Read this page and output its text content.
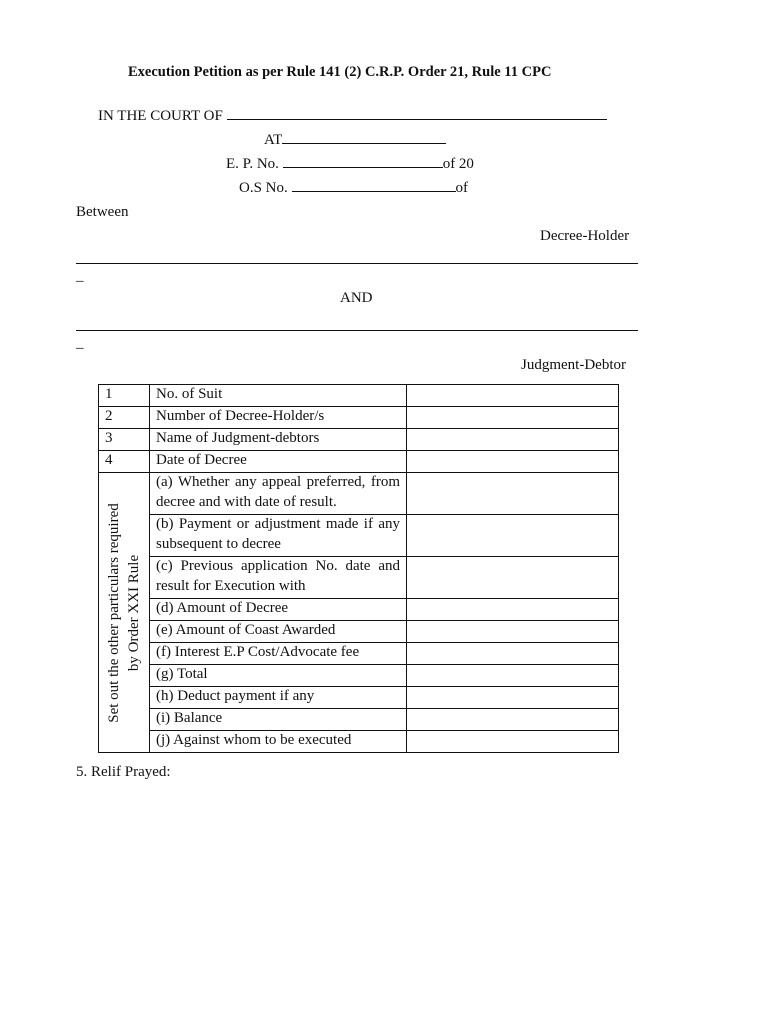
Execution Petition as per Rule 141 (2) C.R.P. Order 21, Rule 11 CPC
IN THE COURT OF
AT
E. P. No.	of 20
O.S No.	of
Between
Decree-Holder
_
AND
_
Judgment-Debtor
1	No. of Suit	
2	Number of Decree-Holder/s	
3	Name of Judgment-debtors	
4	Date of Decree	

Set out the other particulars required by Order XXI Rule	(a) Whether any appeal preferred, from decree and with date of result.	
	(b) Payment or adjustment made if any subsequent to decree	
	(c) Previous application No. date and result for Execution with	
	(d) Amount of Decree	
	(e) Amount of Coast Awarded	
	(f) Interest E.P Cost/Advocate fee	
	(g) Total	
	(h) Deduct payment if any	
	(i) Balance	
	(j) Against whom to be executed	
5. Relif Prayed:
